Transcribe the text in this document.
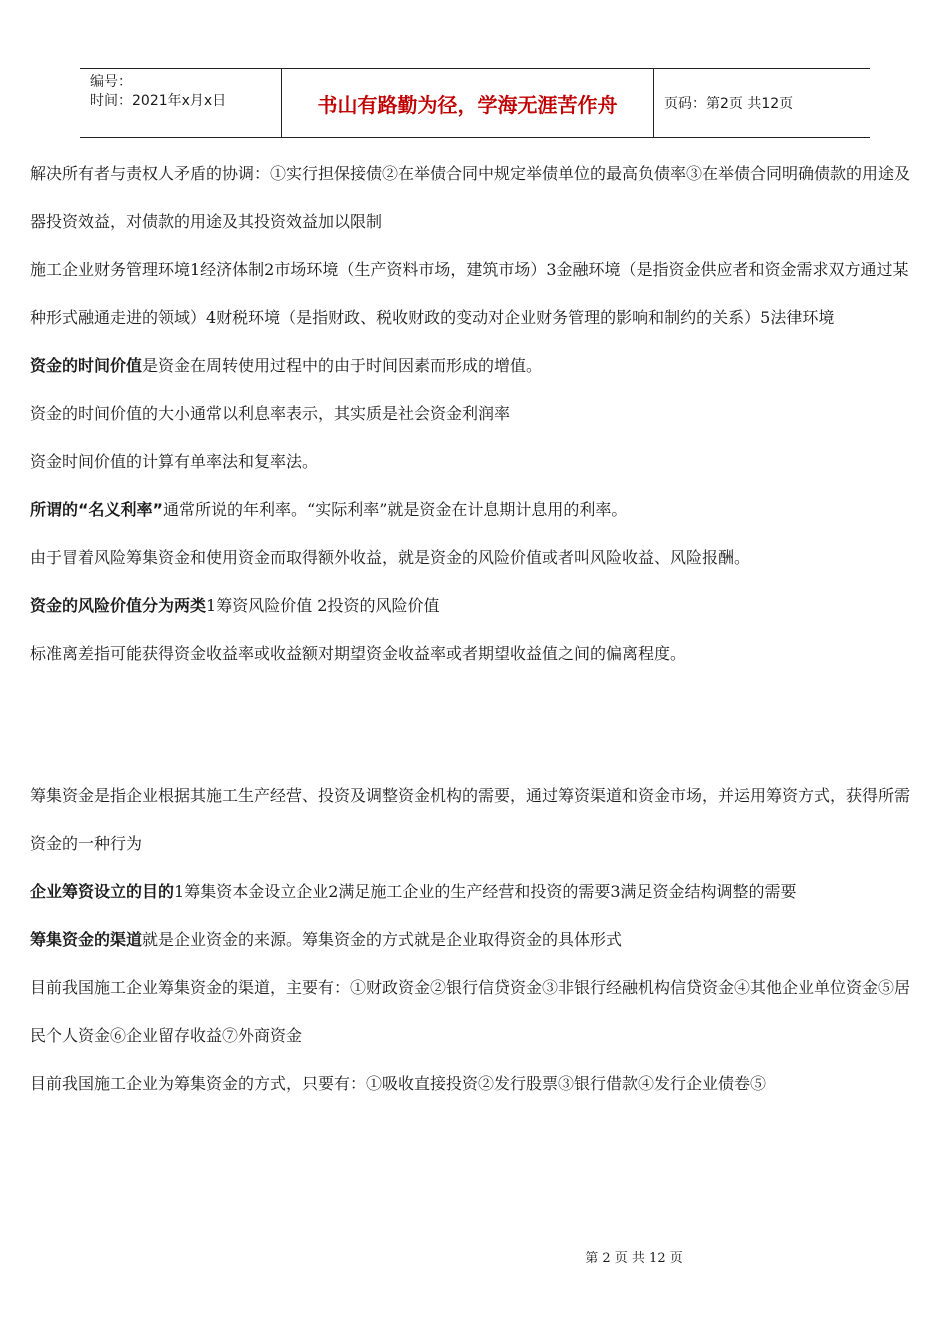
编号：
时间：2021年x月x日	书山有路勤为径，学海无涯苦作舟	页码：第2页 共12页

解决所有者与责权人矛盾的协调：①实行担保接债②在举债合同中规定举债单位的最高负债率③在举债合同明确债款的用途及器投资效益，对债款的用途及其投资效益加以限制

施工企业财务管理环境1经济体制2市场环境（生产资料市场，建筑市场）3金融环境（是指资金供应者和资金需求双方通过某种形式融通走进的领域）4财税环境（是指财政、税收财政的变动对企业财务管理的影响和制约的关系）5法律环境

资金的时间价值是资金在周转使用过程中的由于时间因素而形成的增值。

资金的时间价值的大小通常以利息率表示，其实质是社会资金利润率

资金时间价值的计算有单率法和复率法。

所谓的“名义利率”通常所说的年利率。“实际利率”就是资金在计息期计息用的利率。

由于冒着风险筹集资金和使用资金而取得额外收益，就是资金的风险价值或者叫风险收益、风险报酬。

资金的风险价值分为两类1筹资风险价值 2投资的风险价值

标准离差指可能获得资金收益率或收益额对期望资金收益率或者期望收益值之间的偏离程度。

筹集资金是指企业根据其施工生产经营、投资及调整资金机构的需要，通过筹资渠道和资金市场，并运用筹资方式，获得所需资金的一种行为

企业筹资设立的目的1筹集资本金设立企业2满足施工企业的生产经营和投资的需要3满足资金结构调整的需要

筹集资金的渠道就是企业资金的来源。筹集资金的方式就是企业取得资金的具体形式

目前我国施工企业筹集资金的渠道，主要有：①财政资金②银行信贷资金③非银行经融机构信贷资金④其他企业单位资金⑤居民个人资金⑥企业留存收益⑦外商资金

目前我国施工企业为筹集资金的方式，只要有：①吸收直接投资②发行股票③银行借款④发行企业债卷⑤

第 2 页 共 12 页
